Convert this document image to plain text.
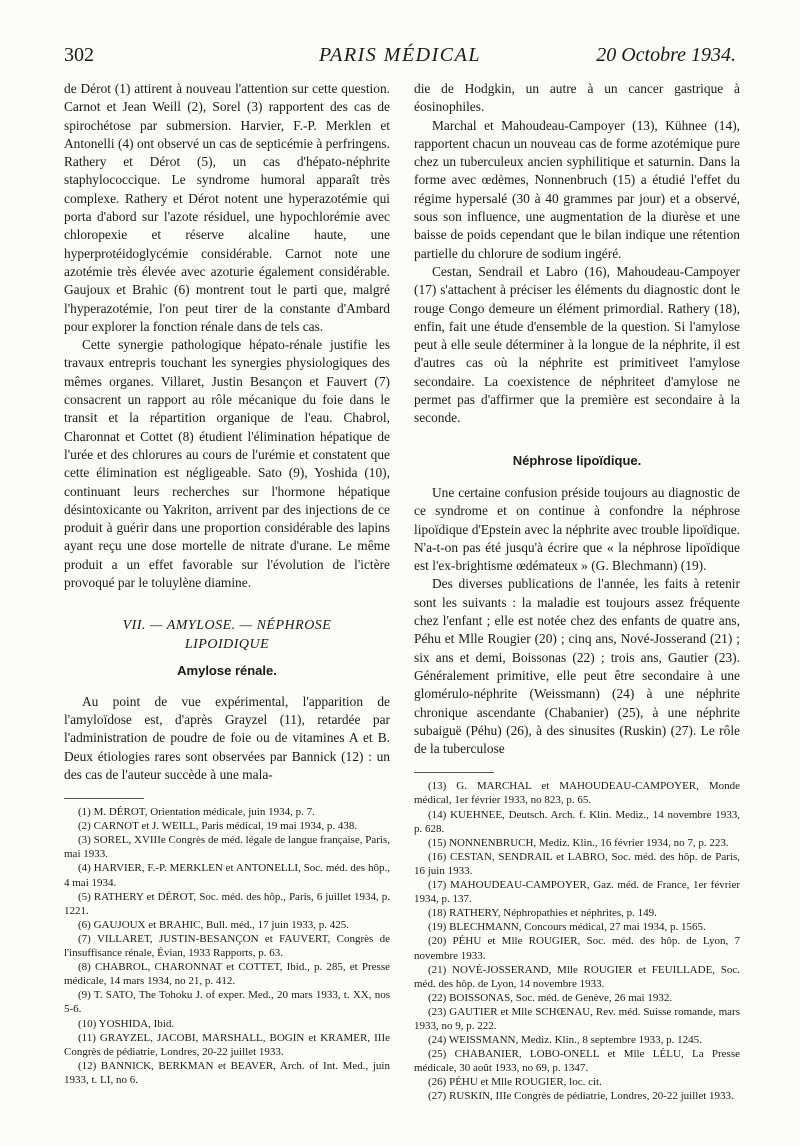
302	PARIS MÉDICAL	20 Octobre 1934.

de Dérot (1) attirent à nouveau l'attention sur cette question. Carnot et Jean Weill (2), Sorel (3) rapportent des cas de spirochétose par submersion. Harvier, F.-P. Merklen et Antonelli (4) ont observé un cas de septicémie à perfringens. Rathery et Dérot (5), un cas d'hépato-néphrite staphylococcique. Le syndrome humoral apparaît très complexe. Rathery et Dérot notent une hyperazotémie qui porta d'abord sur l'azote résiduel, une hypochlorémie avec chloropexie et réserve alcaline haute, une hyperprotéidoglycémie considérable. Carnot note une azotémie très élevée avec azoturie également considérable. Gaujoux et Brahic (6) montrent tout le parti que, malgré l'hyperazotémie, l'on peut tirer de la constante d'Ambard pour explorer la fonction rénale dans de tels cas.

Cette synergie pathologique hépato-rénale justifie les travaux entrepris touchant les synergies physiologiques des mêmes organes. Villaret, Justin Besançon et Fauvert (7) consacrent un rapport au rôle mécanique du foie dans le transit et la répartition organique de l'eau. Chabrol, Charonnat et Cottet (8) étudient l'élimination hépatique de l'urée et des chlorures au cours de l'urémie et constatent que cette élimination est négligeable. Sato (9), Yoshida (10), continuant leurs recherches sur l'hormone hépatique désintoxicante ou Yakriton, arrivent par des injections de ce produit à guérir dans une proportion considérable des lapins ayant reçu une dose mortelle de nitrate d'urane. Le même produit a un effet favorable sur l'évolution de l'ictère provoqué par le toluylène diamine.

VII. — AMYLOSE. — NÉPHROSE
LIPOIDIQUE
Amylose rénale.

Au point de vue expérimental, l'apparition de l'amyloïdose est, d'après Grayzel (11), retardée par l'administration de poudre de foie ou de vitamines A et B. Deux étiologies rares sont observées par Bannick (12) : un des cas de l'auteur succède à une mala-

(1) M. DÉROT, Orientation médicale, juin 1934, p. 7.
(2) CARNOT et J. WEILL, Paris médical, 19 mai 1934, p. 438.
(3) SOREL, XVIIIe Congrès de méd. légale de langue française, Paris, mai 1933.
(4) HARVIER, F.-P. MERKLEN et ANTONELLI, Soc. méd. des hôp., 4 mai 1934.
(5) RATHERY et DÉROT, Soc. méd. des hôp., Paris, 6 juillet 1934, p. 1221.
(6) GAUJOUX et BRAHIC, Bull. méd., 17 juin 1933, p. 425.
(7) VILLARET, JUSTIN-BESANÇON et FAUVERT, Congrès de l'insuffisance rénale, Évian, 1933 Rapports, p. 63.
(8) CHABROL, CHARONNAT et COTTET, Ibid., p. 285, et Presse médicale, 14 mars 1934, no 21, p. 412.
(9) T. SATO, The Tohoku J. of exper. Med., 20 mars 1933, t. XX, nos 5-6.
(10) YOSHIDA, Ibid.
(11) GRAYZEL, JACOBI, MARSHALL, BOGIN et KRAMER, IIIe Congrès de pédiatrie, Londres, 20-22 juillet 1933.
(12) BANNICK, BERKMAN et BEAVER, Arch. of Int. Med., juin 1933, t. LI, no 6.

die de Hodgkin, un autre à un cancer gastrique à éosinophiles.

Marchal et Mahoudeau-Campoyer (13), Kühnee (14), rapportent chacun un nouveau cas de forme azotémique pure chez un tuberculeux ancien syphilitique et saturnin. Dans la forme avec œdèmes, Nonnenbruch (15) a étudié l'effet du régime hypersalé (30 à 40 grammes par jour) et a observé, sous son influence, une augmentation de la diurèse et une baisse de poids cependant que le bilan indique une rétention partielle du chlorure de sodium ingéré.

Cestan, Sendrail et Labro (16), Mahoudeau-Campoyer (17) s'attachent à préciser les éléments du diagnostic dont le rouge Congo demeure un élément primordial. Rathery (18), enfin, fait une étude d'ensemble de la question. Si l'amylose peut à elle seule déterminer à la longue de la néphrite, il est d'autres cas où la néphrite est primitiveet l'amylose secondaire. La coexistence de néphriteet d'amylose ne permet pas d'affirmer que la première est secondaire à la seconde.

Néphrose lipoïdique.

Une certaine confusion préside toujours au diagnostic de ce syndrome et on continue à confondre la néphrose lipoïdique d'Epstein avec la néphrite avec trouble lipoïdique. N'a-t-on pas été jusqu'à écrire que « la néphrose lipoïdique est l'ex-brightisme œdémateux » (G. Blechmann) (19).

Des diverses publications de l'année, les faits à retenir sont les suivants : la maladie est toujours assez fréquente chez l'enfant ; elle est notée chez des enfants de quatre ans, Péhu et Mlle Rougier (20) ; cinq ans, Nové-Josserand (21) ; six ans et demi, Boissonas (22) ; trois ans, Gautier (23). Généralement primitive, elle peut être secondaire à une glomérulo-néphrite (Weissmann) (24) à une néphrite chronique ascendante (Chabanier) (25), à une néphrite subaiguë (Péhu) (26), à des sinusites (Ruskin) (27). Le rôle de la tuberculose

(13) G. MARCHAL et MAHOUDEAU-CAMPOYER, Monde médical, 1er février 1933, no 823, p. 65.
(14) KUEHNEE, Deutsch. Arch. f. Klin. Mediz., 14 novembre 1933, p. 628.
(15) NONNENBRUCH, Mediz. Klin., 16 février 1934, no 7, p. 223.
(16) CESTAN, SENDRAIL et LABRO, Soc. méd. des hôp. de Paris, 16 juin 1933.
(17) MAHOUDEAU-CAMPOYER, Gaz. méd. de France, 1er février 1934, p. 137.
(18) RATHERY, Néphropathies et néphrites, p. 149.
(19) BLECHMANN, Concours médical, 27 mai 1934, p. 1565.
(20) PÉHU et Mlle ROUGIER, Soc. méd. des hôp. de Lyon, 7 novembre 1933.
(21) NOVÉ-JOSSERAND, Mlle ROUGIER et FEUILLADE, Soc. méd. des hôp. de Lyon, 14 novembre 1933.
(22) BOISSONAS, Soc. méd. de Genève, 26 mai 1932.
(23) GAUTIER et Mlle SCHŒNAU, Rev. méd. Suisse romande, mars 1933, no 9, p. 222.
(24) WEISSMANN, Mediz. Klin., 8 septembre 1933, p. 1245.
(25) CHABANIER, LOBO-ONELL et Mlle LÉLU, La Presse médicale, 30 août 1933, no 69, p. 1347.
(26) PÉHU et Mlle ROUGIER, loc. cit.
(27) RUSKIN, IIIe Congrès de pédiatrie, Londres, 20-22 juillet 1933.
